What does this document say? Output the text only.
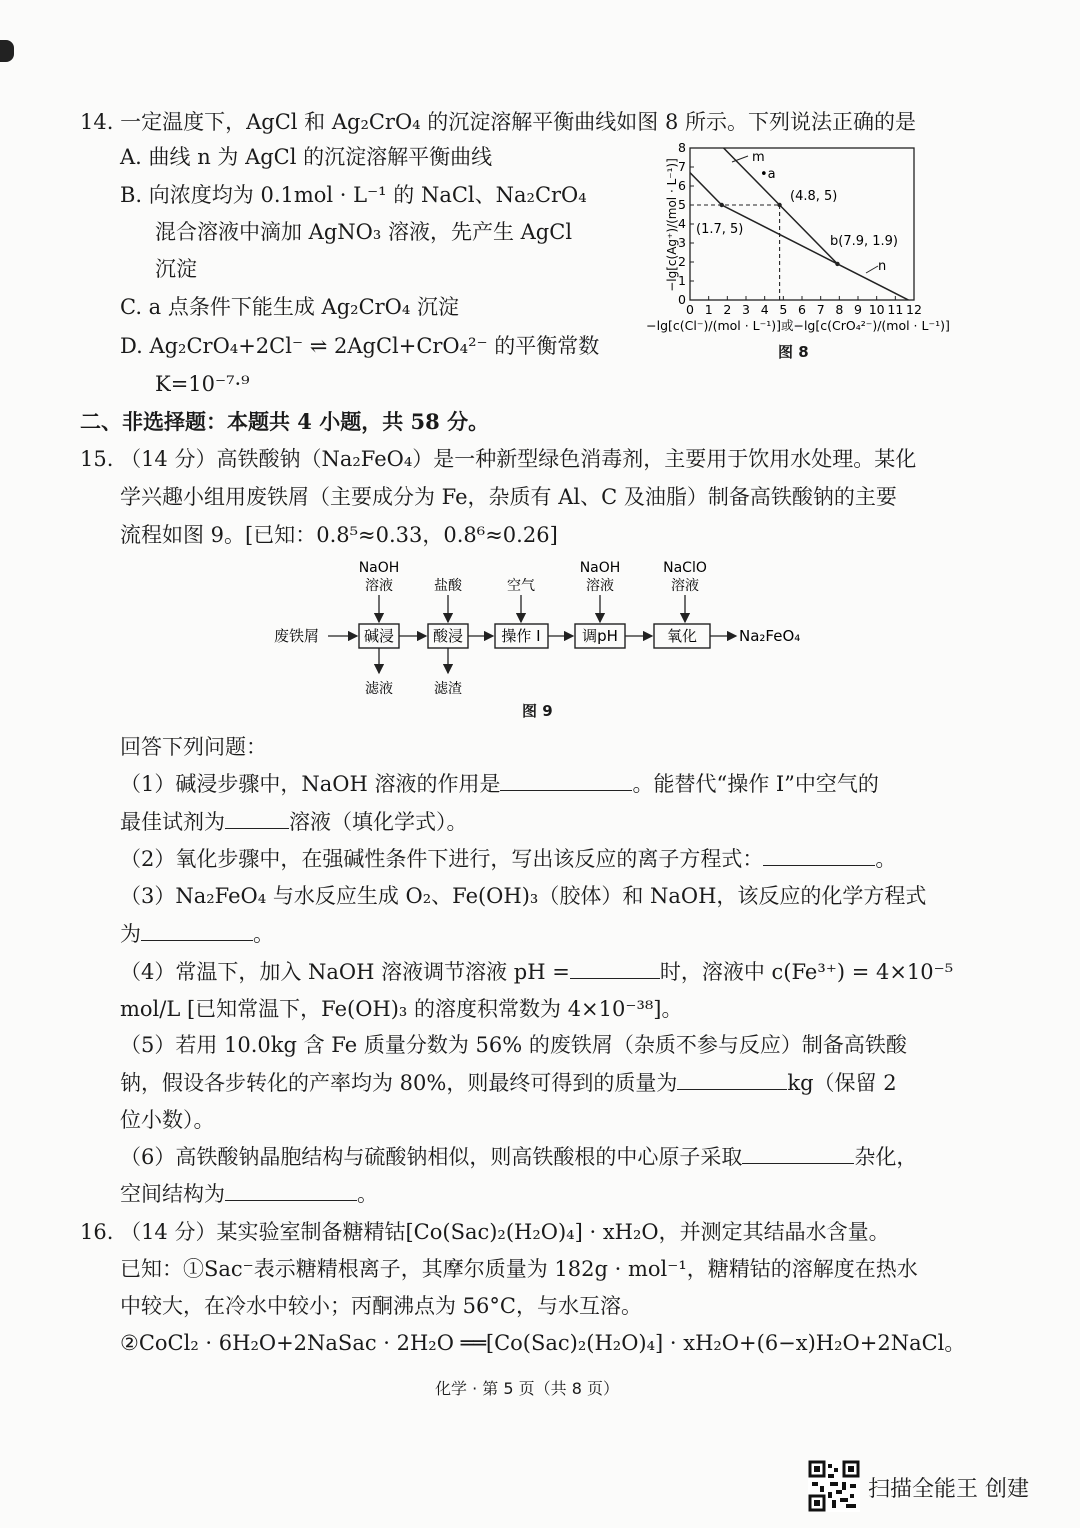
14. 一定温度下，AgCl 和 Ag₂CrO₄ 的沉淀溶解平衡曲线如图 8 所示。下列说法正确的是
A. 曲线 n 为 AgCl 的沉淀溶解平衡曲线
B. 向浓度均为 0.1mol · L⁻¹ 的 NaCl、Na₂CrO₄
混合溶液中滴加 AgNO₃ 溶液，先产生 AgCl
沉淀
C. a 点条件下能生成 Ag₂CrO₄ 沉淀
D. Ag₂CrO₄+2Cl⁻ ⇌ 2AgCl+CrO₄²⁻ 的平衡常数
K=10⁻⁷·⁹
0 1 2 3 4 5 6 7 8 9 10 11 12
0
1
2
3
4
5
6
7
8
−lg[c(Ag⁺)/(mol · L⁻¹)]
−lg[c(Cl⁻)/(mol · L⁻¹)]或−lg[c(CrO₄²⁻)/(mol · L⁻¹)]
m
•a
(4.8, 5)
(1.7, 5)
b(7.9, 1.9)
n
图 8
二、非选择题：本题共 4 小题，共 58 分。
15. （14 分）高铁酸钠（Na₂FeO₄）是一种新型绿色消毒剂，主要用于饮用水处理。某化
学兴趣小组用废铁屑（主要成分为 Fe，杂质有 Al、C 及油脂）制备高铁酸钠的主要
流程如图 9。[已知：0.8⁵≈0.33，0.8⁶≈0.26]
废铁屑	碱浸	酸浸	操作 I	调pH	氧化	Na₂FeO₄
NaOH
溶液	盐酸	空气
NaOH
溶液
NaClO
溶液
滤液	滤渣
图 9
回答下列问题：
（1）碱浸步骤中，NaOH 溶液的作用是	。能替代“操作 I”中空气的
最佳试剂为	溶液（填化学式）。
（2）氧化步骤中，在强碱性条件下进行，写出该反应的离子方程式：	。
（3）Na₂FeO₄ 与水反应生成 O₂、Fe(OH)₃（胶体）和 NaOH，该反应的化学方程式
为	。
（4）常温下，加入 NaOH 溶液调节溶液 pH =	时，溶液中 c(Fe³⁺) = 4×10⁻⁵
mol/L [已知常温下，Fe(OH)₃ 的溶度积常数为 4×10⁻³⁸]。
（5）若用 10.0kg 含 Fe 质量分数为 56% 的废铁屑（杂质不参与反应）制备高铁酸
钠，假设各步转化的产率均为 80%，则最终可得到的质量为	kg（保留 2
位小数）。
（6）高铁酸钠晶胞结构与硫酸钠相似，则高铁酸根的中心原子采取	杂化，
空间结构为	。
16. （14 分）某实验室制备糖精钴[Co(Sac)₂(H₂O)₄] · xH₂O，并测定其结晶水含量。
已知：①Sac⁻表示糖精根离子，其摩尔质量为 182g · mol⁻¹，糖精钴的溶解度在热水
中较大，在冷水中较小；丙酮沸点为 56°C，与水互溶。
②CoCl₂ · 6H₂O+2NaSac · 2H₂O ══[Co(Sac)₂(H₂O)₄] · xH₂O+(6−x)H₂O+2NaCl。
化学 · 第 5 页（共 8 页）
扫描全能王 创建
